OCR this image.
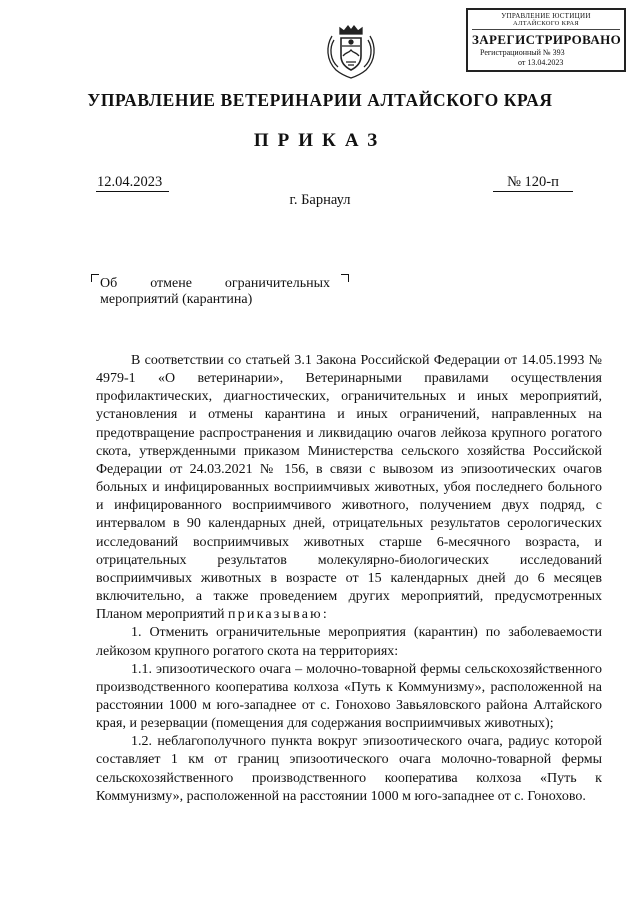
УПРАВЛЕНИЕ ЮСТИЦИИ
АЛТАЙСКОГО КРАЯ
ЗАРЕГИСТРИРОВАНО
Регистрационный № 393
от 13.04.2023
УПРАВЛЕНИЕ ВЕТЕРИНАРИИ АЛТАЙСКОГО КРАЯ
ПРИКАЗ
12.04.2023	№ 120-п
г. Барнаул
Об отмене ограничительных
мероприятий (карантина)

В соответствии со статьей 3.1 Закона Российской Федерации от 14.05.1993 № 4979-1 «О ветеринарии», Ветеринарными правилами осуществления профилактических, диагностических, ограничительных и иных мероприятий, установления и отмены карантина и иных ограничений, направленных на предотвращение распространения и ликвидацию очагов лейкоза крупного рогатого скота, утвержденными приказом Министерства сельского хозяйства Российской Федерации от 24.03.2021 № 156, в связи с вывозом из эпизоотических очагов больных и инфицированных восприимчивых животных, убоя последнего больного и инфицированного восприимчивого животного, получением двух подряд, с интервалом в 90 календарных дней, отрицательных результатов серологических исследований восприимчивых животных старше 6-месячного возраста, и отрицательных результатов молекулярно-биологических исследований восприимчивых животных в возрасте от 15 календарных дней до 6 месяцев включительно, а также проведением других мероприятий, предусмотренных Планом мероприятий приказываю:

1. Отменить ограничительные мероприятия (карантин) по заболеваемости лейкозом крупного рогатого скота на территориях:

1.1. эпизоотического очага – молочно-товарной фермы сельскохозяйственного производственного кооператива колхоза «Путь к Коммунизму», расположенной на расстоянии 1000 м юго-западнее от с. Гонохово Завьяловского района Алтайского края, и резервации (помещения для содержания восприимчивых животных);

1.2. неблагополучного пункта вокруг эпизоотического очага, радиус которой составляет 1 км от границ эпизоотического очага молочно-товарной фермы сельскохозяйственного производственного кооператива колхоза «Путь к Коммунизму», расположенной на расстоянии 1000 м юго-западнее от с. Гонохово.
